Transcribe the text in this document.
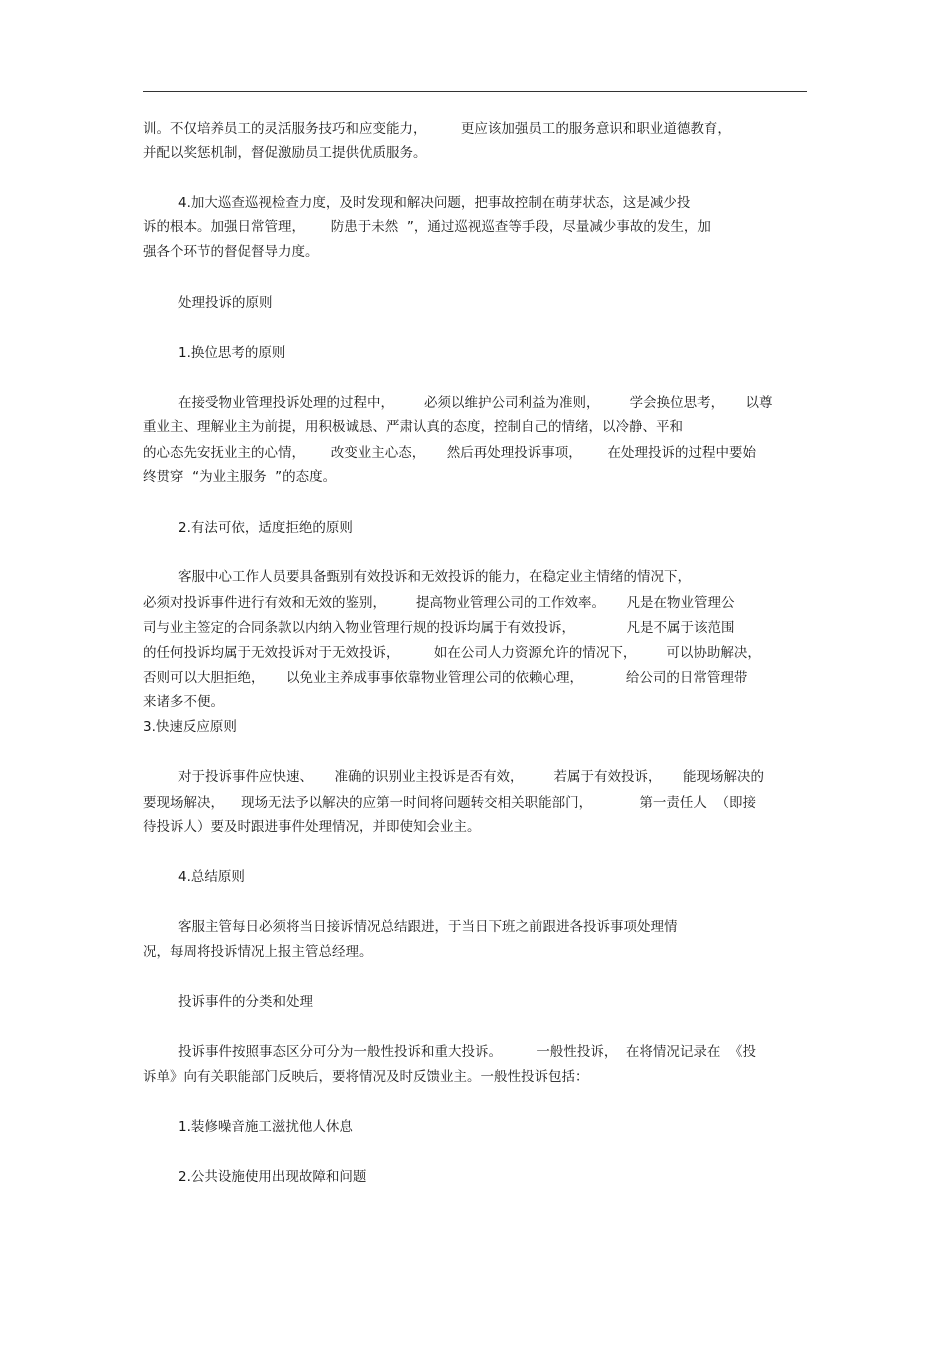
训。不仅培养员工的灵活服务技巧和应变能力，        更应该加强员工的服务意识和职业道德教育，
并配以奖惩机制，督促激励员工提供优质服务。
4.加大巡查巡视检查力度，及时发现和解决问题，把事故控制在萌芽状态，这是减少投
诉的根本。加强日常管理，      防患于未然  ”，通过巡视巡查等手段，尽量减少事故的发生，加
强各个环节的督促督导力度。
处理投诉的原则
1.换位思考的原则
在接受物业管理投诉处理的过程中，       必须以维护公司利益为准则，       学会换位思考，     以尊
重业主、理解业主为前提，用积极诚恳、严肃认真的态度，控制自己的情绪，以冷静、平和
的心态先安抚业主的心情，      改变业主心态，     然后再处理投诉事项，      在处理投诉的过程中要始
终贯穿  “为业主服务  ”的态度。
2.有法可依，适度拒绝的原则
客服中心工作人员要具备甄别有效投诉和无效投诉的能力，在稳定业主情绪的情况下，
必须对投诉事件进行有效和无效的鉴别，       提高物业管理公司的工作效率。     凡是在物业管理公
司与业主签定的合同条款以内纳入物业管理行规的投诉均属于有效投诉，            凡是不属于该范围
的任何投诉均属于无效投诉对于无效投诉，        如在公司人力资源允许的情况下，       可以协助解决，
否则可以大胆拒绝，     以免业主养成事事依靠物业管理公司的依赖心理，          给公司的日常管理带
来诸多不便。
3.快速反应原则
对于投诉事件应快速、     准确的识别业主投诉是否有效，       若属于有效投诉，     能现场解决的
要现场解决，    现场无法予以解决的应第一时间将问题转交相关职能部门，           第一责任人  （即接
待投诉人）要及时跟进事件处理情况，并即使知会业主。
4.总结原则
客服主管每日必须将当日接诉情况总结跟进，于当日下班之前跟进各投诉事项处理情
况，每周将投诉情况上报主管总经理。
投诉事件的分类和处理
投诉事件按照事态区分可分为一般性投诉和重大投诉。        一般性投诉，  在将情况记录在  《投
诉单》向有关职能部门反映后，要将情况及时反馈业主。一般性投诉包括：
1.装修噪音施工滋扰他人休息
2.公共设施使用出现故障和问题
